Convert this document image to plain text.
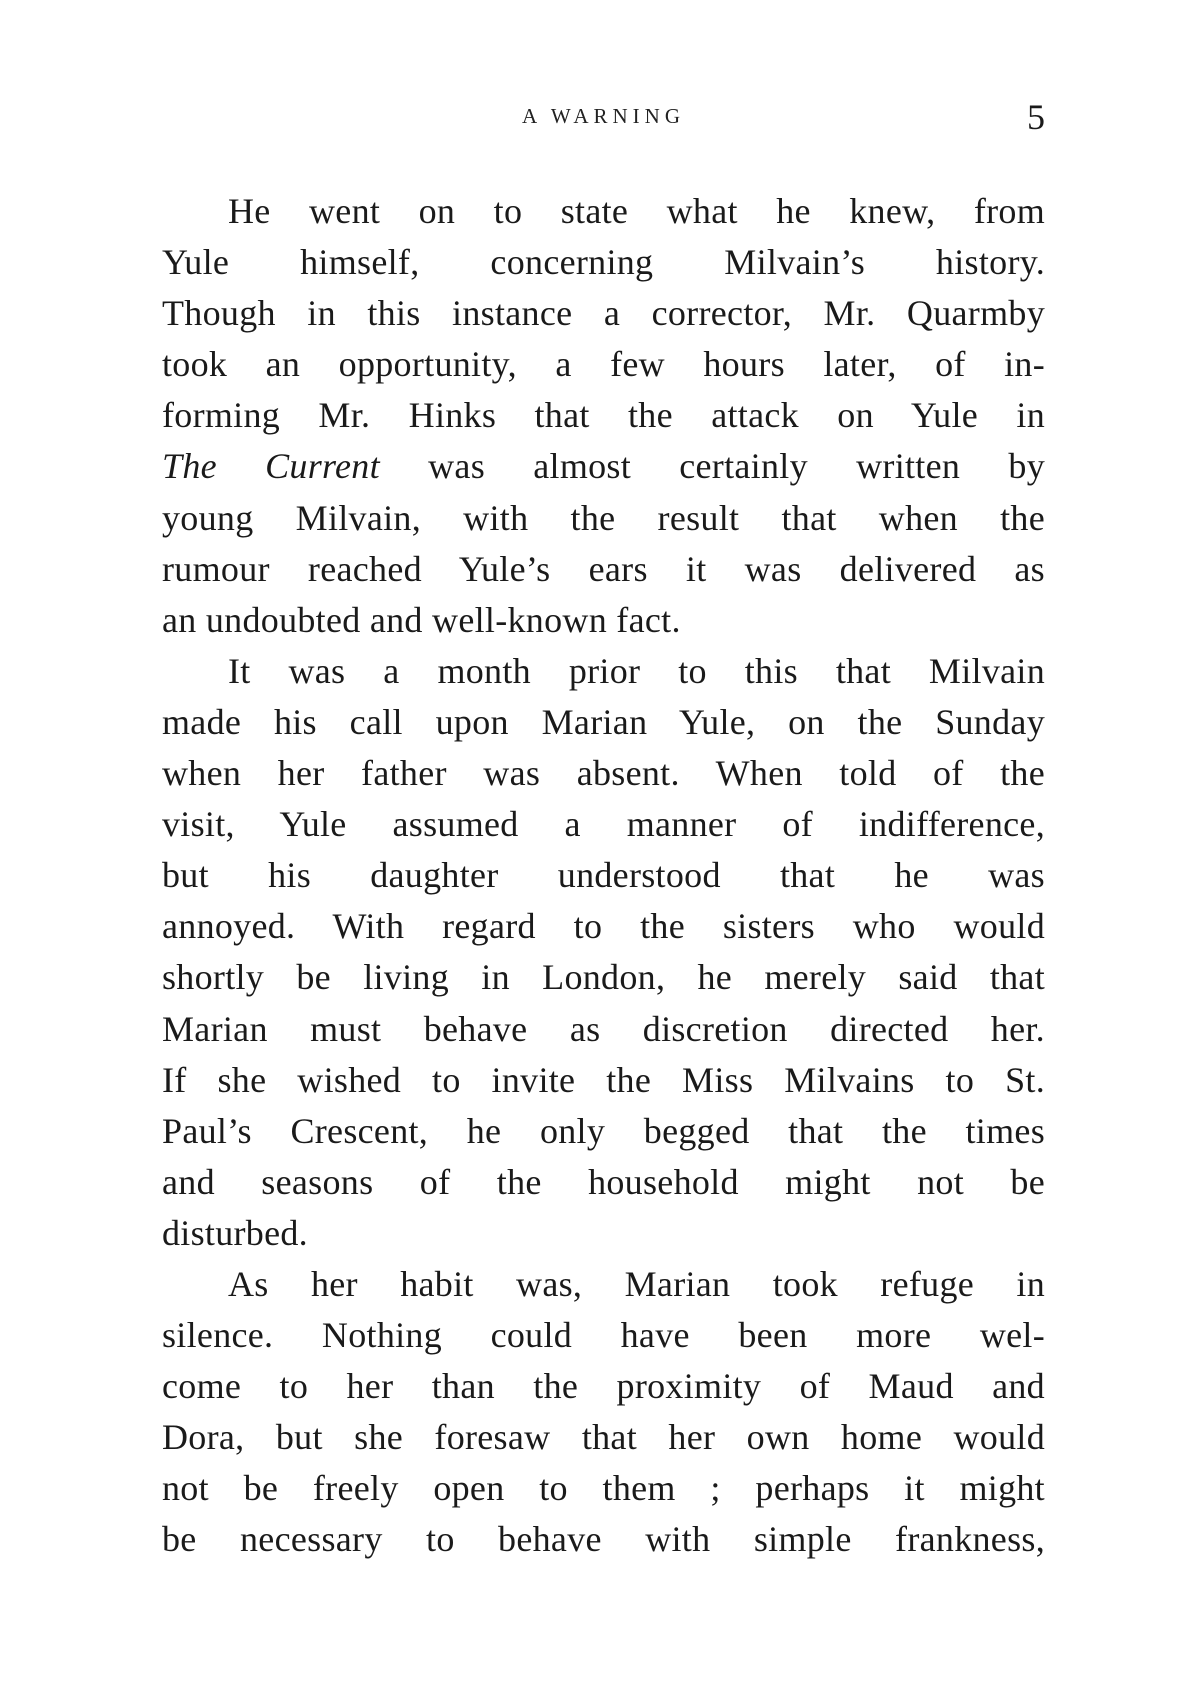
A WARNING	5
He went on to state what he knew, from
Yule himself, concerning Milvain’s history.
Though in this instance a corrector, Mr. Quarmby
took an opportunity, a few hours later, of in-
forming Mr. Hinks that the attack on Yule in
The Current was almost certainly written by
young Milvain, with the result that when the
rumour reached Yule’s ears it was delivered as
an undoubted and well-known fact.
It was a month prior to this that Milvain
made his call upon Marian Yule, on the Sunday
when her father was absent. When told of the
visit, Yule assumed a manner of indifference,
but his daughter understood that he was
annoyed. With regard to the sisters who would
shortly be living in London, he merely said that
Marian must behave as discretion directed her.
If she wished to invite the Miss Milvains to St.
Paul’s Crescent, he only begged that the times
and seasons of the household might not be
disturbed.
As her habit was, Marian took refuge in
silence. Nothing could have been more wel-
come to her than the proximity of Maud and
Dora, but she foresaw that her own home would
not be freely open to them ; perhaps it might
be necessary to behave with simple frankness,
